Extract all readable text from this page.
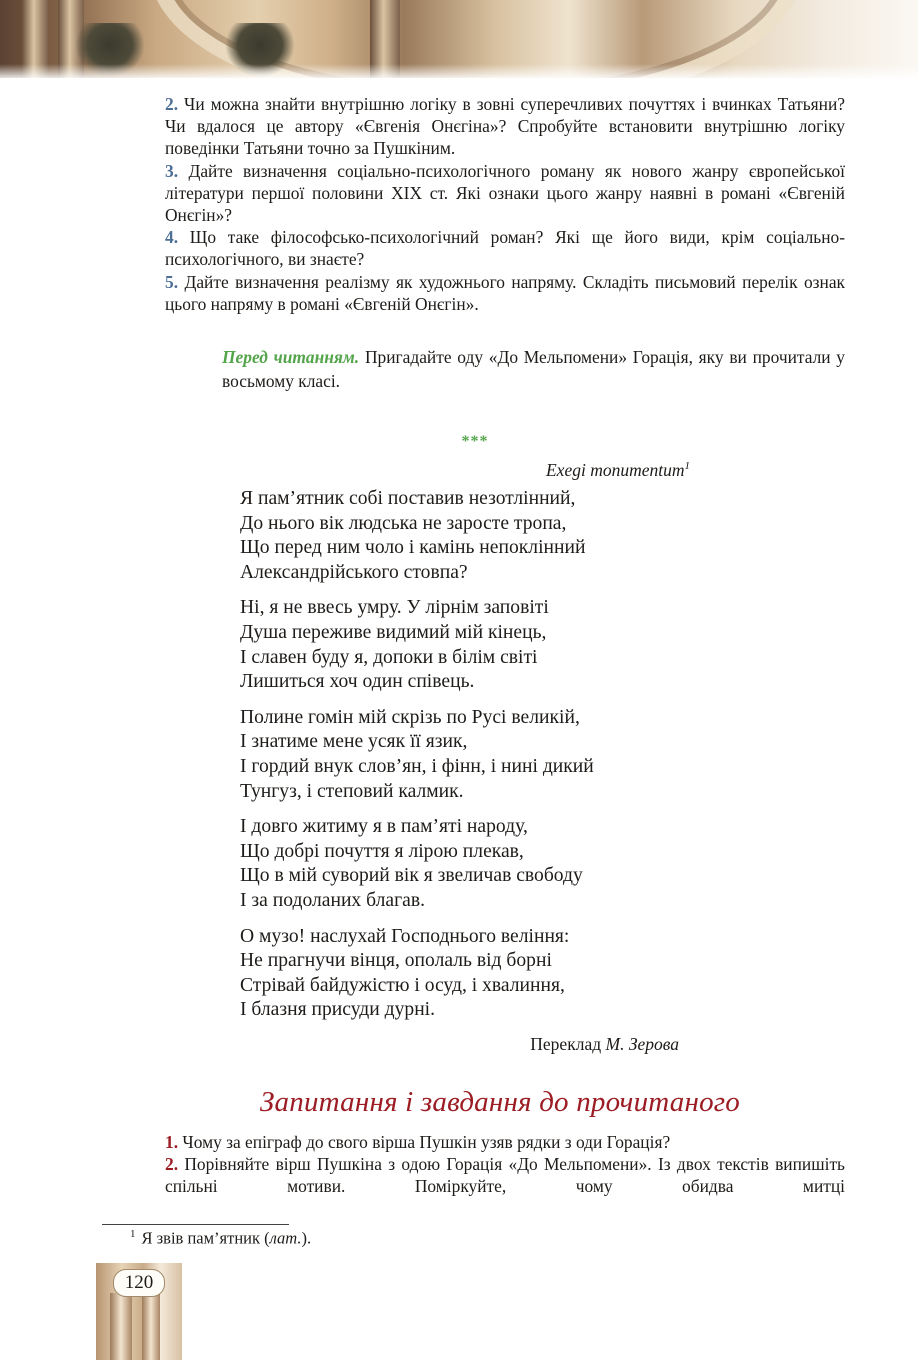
2. Чи можна знайти внутрішню логіку в зовні суперечливих почуттях і вчинках Татьяни? Чи вдалося це автору «Євгенія Онєгіна»? Спробуйте встановити внутрішню логіку поведінки Татьяни точно за Пушкіним.

3. Дайте визначення соціально-психологічного роману як нового жанру європейської літератури першої половини XIX ст. Які ознаки цього жанру наявні в романі «Євгеній Онєгін»?

4. Що таке філософсько-психологічний роман? Які ще його види, крім соціально-психологічного, ви знаєте?

5. Дайте визначення реалізму як художнього напряму. Складіть письмовий перелік ознак цього напряму в романі «Євгеній Онєгін».

Перед читанням. Пригадайте оду «До Мельпомени» Горація, яку ви прочитали у восьмому класі.
***
Exegi monumentum$^1$
Я пам’ятник собі поставив незотлінний,
До нього вік людська не заросте тропа,
Що перед ним чоло і камінь непоклінний
Александрійського стовпа?
Ні, я не ввесь умру. У лірнім заповіті
Душа переживе видимий мій кінець,
І славен буду я, допоки в білім світі
Лишиться хоч один співець.
Полине гомін мій скрізь по Русі великій,
І знатиме мене усяк її язик,
І гордий внук слов’ян, і фінн, і нині дикий
Тунгуз, і степовий калмик.
І довго житиму я в пам’яті народу,
Що добрі почуття я лірою плекав,
Що в мій суворий вік я звеличав свободу
І за подоланих благав.
О музо! наслухай Господнього веління:
Не прагнучи вінця, ополаль від борні
Стрівай байдужістю і осуд, і хвалиння,
І блазня присуди дурні.
Переклад М. Зерова
Запитання і завдання до прочитаного

1. Чому за епіграф до свого вірша Пушкін узяв рядки з оди Горація?

2. Порівняйте вірш Пушкіна з одою Горація «До Мельпомени». Із двох текстів випишіть спільні мотиви. Поміркуйте, чому обидва митці

$^1$ Я звів пам’ятник (лат.).
120
